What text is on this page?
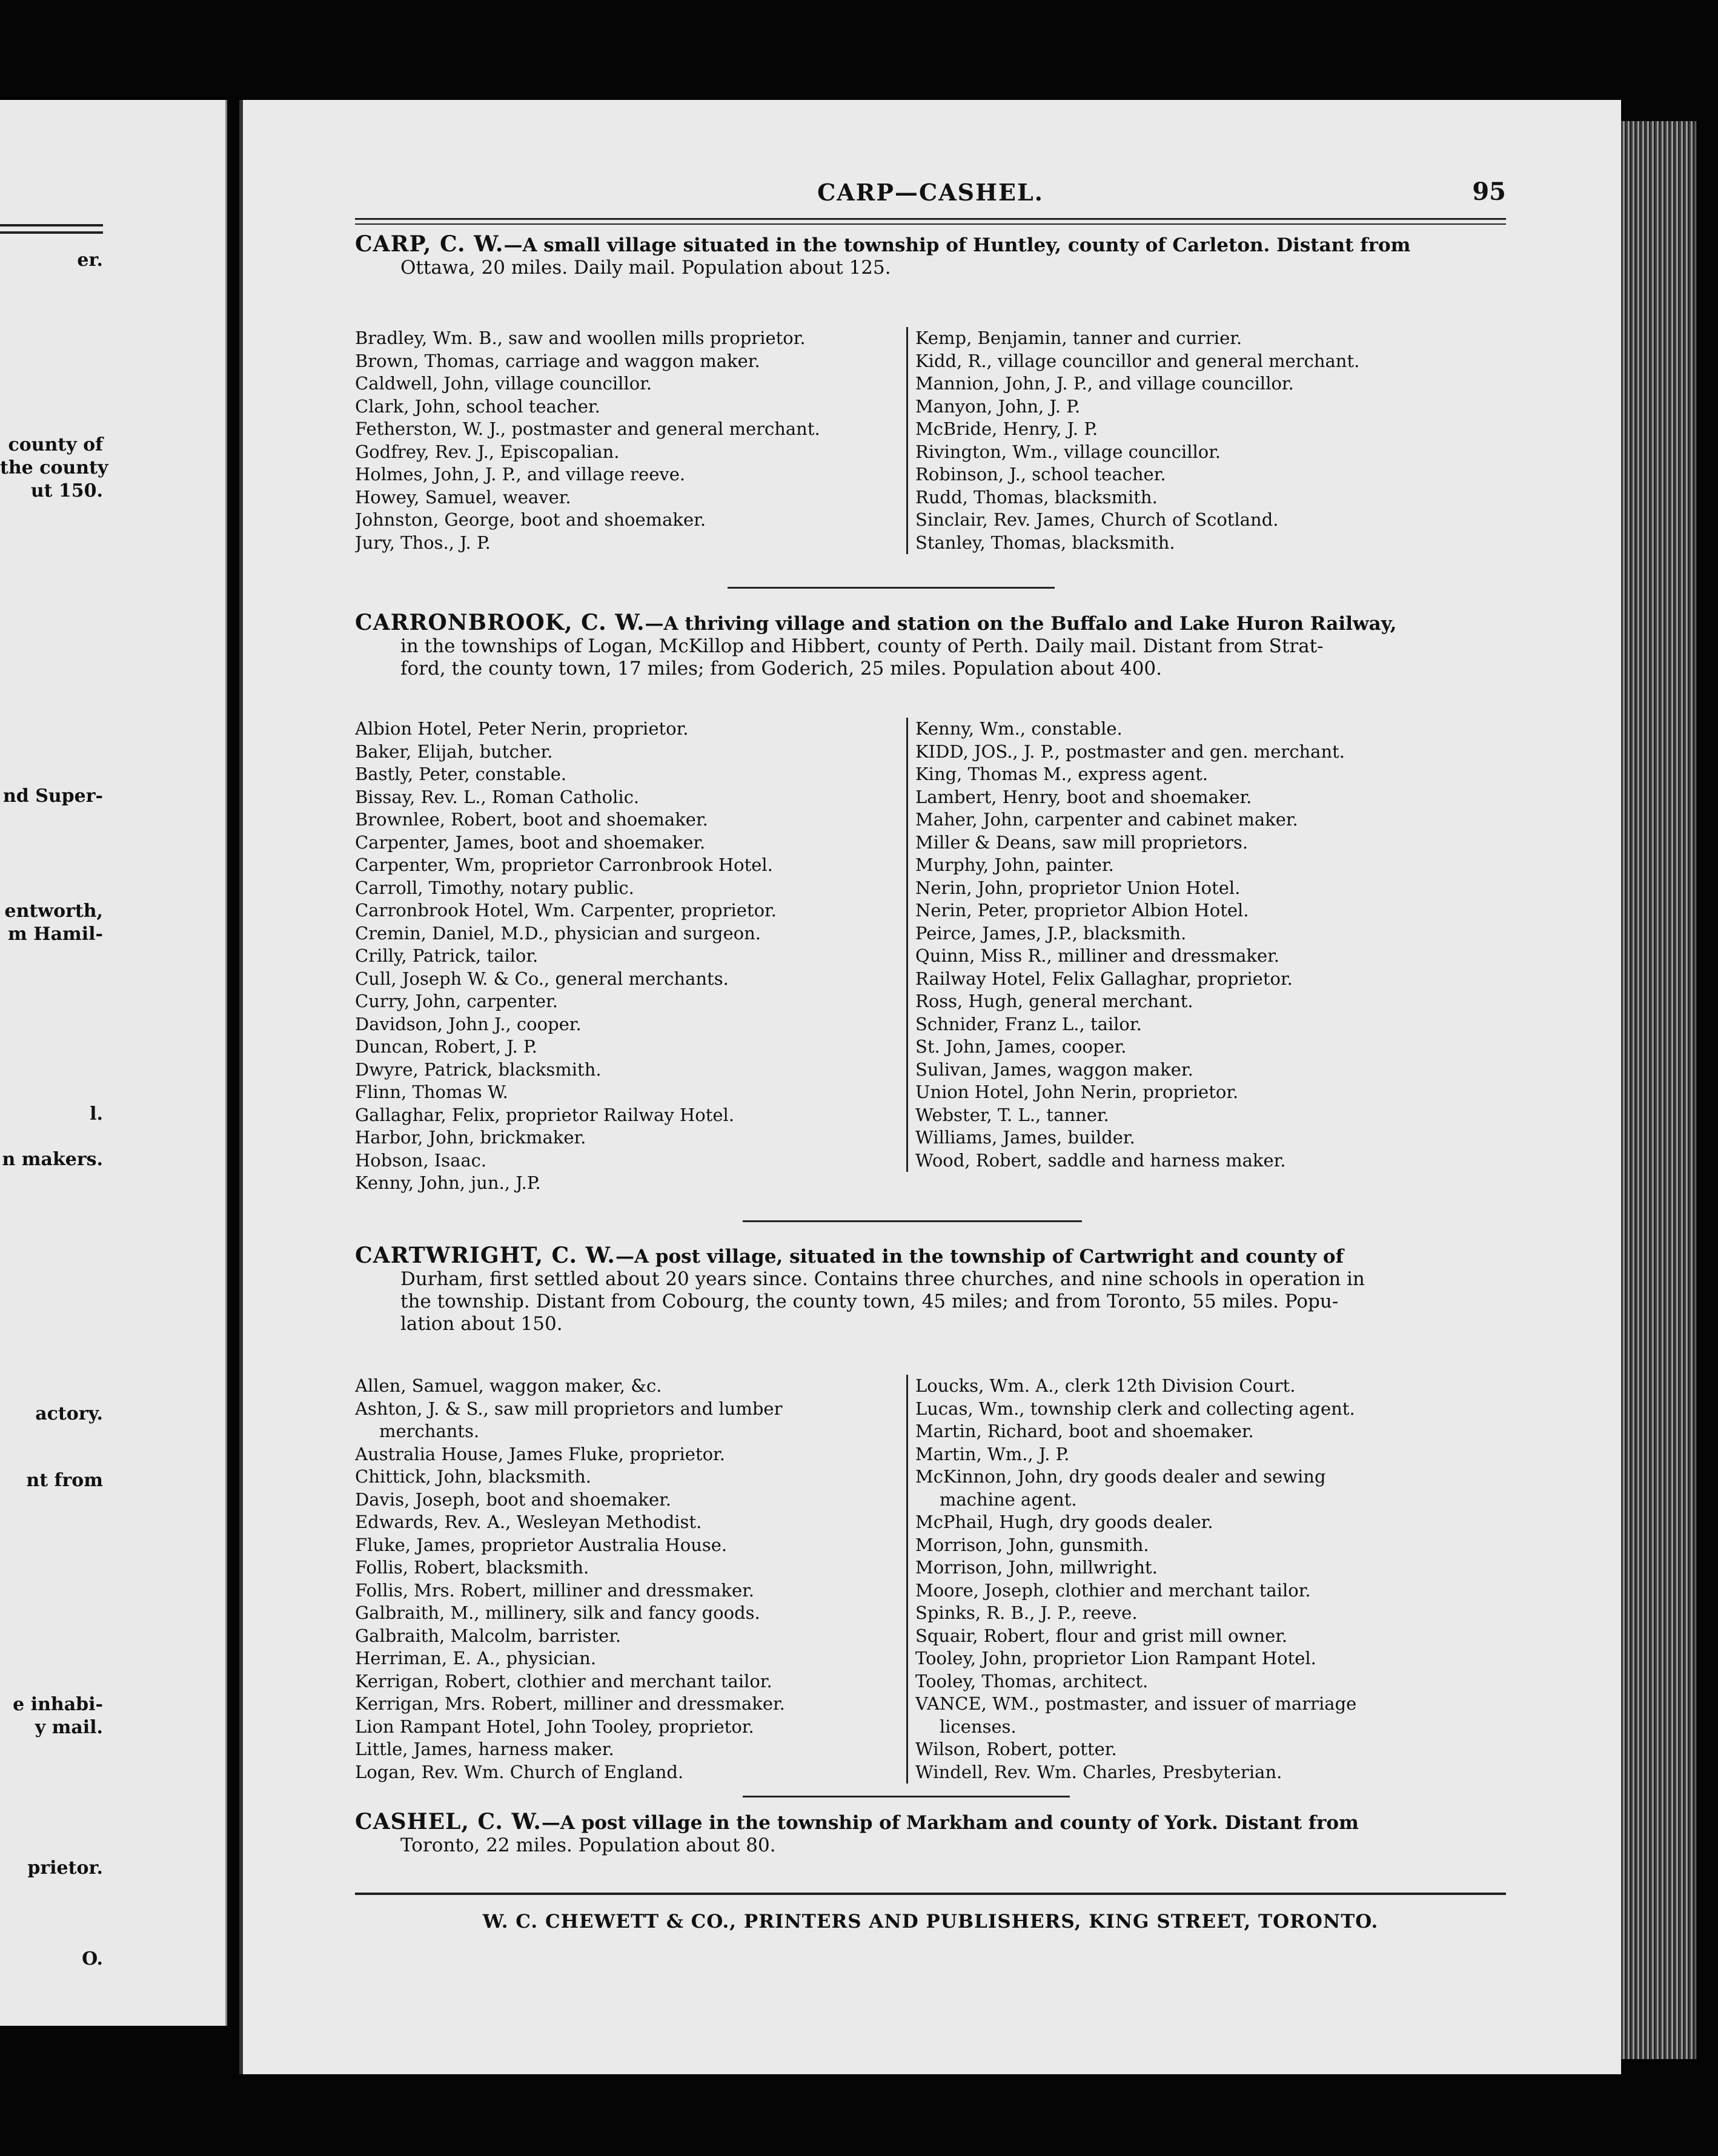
er.
county of
the county
ut 150.
nd Super-
entworth,
m Hamil-
l.
n makers.
actory.
nt from
e inhabi-
y mail.
prietor.
O.
CARP—CASHEL.	95
CARP, C. W.—A small village situated in the township of Huntley, county of Carleton. Distant from
Ottawa, 20 miles. Daily mail. Population about 125.
Bradley, Wm. B., saw and woollen mills proprietor.
Brown, Thomas, carriage and waggon maker.
Caldwell, John, village councillor.
Clark, John, school teacher.
Fetherston, W. J., postmaster and general merchant.
Godfrey, Rev. J., Episcopalian.
Holmes, John, J. P., and village reeve.
Howey, Samuel, weaver.
Johnston, George, boot and shoemaker.
Jury, Thos., J. P.
Kemp, Benjamin, tanner and currier.
Kidd, R., village councillor and general merchant.
Mannion, John, J. P., and village councillor.
Manyon, John, J. P.
McBride, Henry, J. P.
Rivington, Wm., village councillor.
Robinson, J., school teacher.
Rudd, Thomas, blacksmith.
Sinclair, Rev. James, Church of Scotland.
Stanley, Thomas, blacksmith.
CARRONBROOK, C. W.—A thriving village and station on the Buffalo and Lake Huron Railway,
in the townships of Logan, McKillop and Hibbert, county of Perth. Daily mail. Distant from Strat-
ford, the county town, 17 miles; from Goderich, 25 miles. Population about 400.
Albion Hotel, Peter Nerin, proprietor.
Baker, Elijah, butcher.
Bastly, Peter, constable.
Bissay, Rev. L., Roman Catholic.
Brownlee, Robert, boot and shoemaker.
Carpenter, James, boot and shoemaker.
Carpenter, Wm, proprietor Carronbrook Hotel.
Carroll, Timothy, notary public.
Carronbrook Hotel, Wm. Carpenter, proprietor.
Cremin, Daniel, M.D., physician and surgeon.
Crilly, Patrick, tailor.
Cull, Joseph W. & Co., general merchants.
Curry, John, carpenter.
Davidson, John J., cooper.
Duncan, Robert, J. P.
Dwyre, Patrick, blacksmith.
Flinn, Thomas W.
Gallaghar, Felix, proprietor Railway Hotel.
Harbor, John, brickmaker.
Hobson, Isaac.
Kenny, John, jun., J.P.
Kenny, Wm., constable.
KIDD, JOS., J. P., postmaster and gen. merchant.
King, Thomas M., express agent.
Lambert, Henry, boot and shoemaker.
Maher, John, carpenter and cabinet maker.
Miller & Deans, saw mill proprietors.
Murphy, John, painter.
Nerin, John, proprietor Union Hotel.
Nerin, Peter, proprietor Albion Hotel.
Peirce, James, J.P., blacksmith.
Quinn, Miss R., milliner and dressmaker.
Railway Hotel, Felix Gallaghar, proprietor.
Ross, Hugh, general merchant.
Schnider, Franz L., tailor.
St. John, James, cooper.
Sulivan, James, waggon maker.
Union Hotel, John Nerin, proprietor.
Webster, T. L., tanner.
Williams, James, builder.
Wood, Robert, saddle and harness maker.
CARTWRIGHT, C. W.—A post village, situated in the township of Cartwright and county of
Durham, first settled about 20 years since. Contains three churches, and nine schools in operation in
the township. Distant from Cobourg, the county town, 45 miles; and from Toronto, 55 miles. Popu-
lation about 150.
Allen, Samuel, waggon maker, &c.
Ashton, J. & S., saw mill proprietors and lumber
merchants.
Australia House, James Fluke, proprietor.
Chittick, John, blacksmith.
Davis, Joseph, boot and shoemaker.
Edwards, Rev. A., Wesleyan Methodist.
Fluke, James, proprietor Australia House.
Follis, Robert, blacksmith.
Follis, Mrs. Robert, milliner and dressmaker.
Galbraith, M., millinery, silk and fancy goods.
Galbraith, Malcolm, barrister.
Herriman, E. A., physician.
Kerrigan, Robert, clothier and merchant tailor.
Kerrigan, Mrs. Robert, milliner and dressmaker.
Lion Rampant Hotel, John Tooley, proprietor.
Little, James, harness maker.
Logan, Rev. Wm. Church of England.
Loucks, Wm. A., clerk 12th Division Court.
Lucas, Wm., township clerk and collecting agent.
Martin, Richard, boot and shoemaker.
Martin, Wm., J. P.
McKinnon, John, dry goods dealer and sewing
machine agent.
McPhail, Hugh, dry goods dealer.
Morrison, John, gunsmith.
Morrison, John, millwright.
Moore, Joseph, clothier and merchant tailor.
Spinks, R. B., J. P., reeve.
Squair, Robert, flour and grist mill owner.
Tooley, John, proprietor Lion Rampant Hotel.
Tooley, Thomas, architect.
VANCE, WM., postmaster, and issuer of marriage
licenses.
Wilson, Robert, potter.
Windell, Rev. Wm. Charles, Presbyterian.
CASHEL, C. W.—A post village in the township of Markham and county of York. Distant from
Toronto, 22 miles. Population about 80.
W. C. CHEWETT & CO., PRINTERS AND PUBLISHERS, KING STREET, TORONTO.
